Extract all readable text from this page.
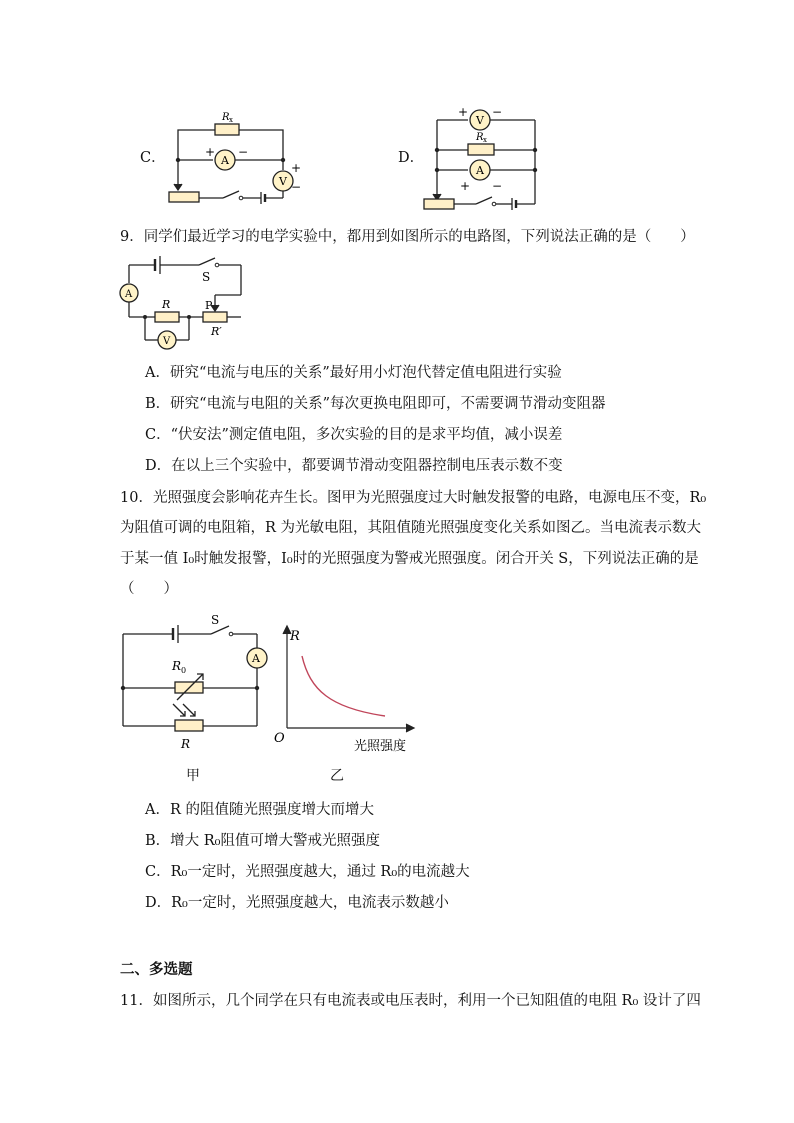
C．
R x
A
+ −
V
+
−
D．
V
+ −
R x
A
+ −
9．同学们最近学习的电学实验中，都用到如图所示的电路图，下列说法正确的是（　　）
S
A
R	P
R′
V
A．研究“电流与电压的关系”最好用小灯泡代替定值电阻进行实验
B．研究“电流与电阻的关系”每次更换电阻即可，不需要调节滑动变阻器
C．“伏安法”测定值电阻，多次实验的目的是求平均值，减小误差
D．在以上三个实验中，都要调节滑动变阻器控制电压表示数不变
10．光照强度会影响花卉生长。图甲为光照强度过大时触发报警的电路，电源电压不变，R₀
为阻值可调的电阻箱，R 为光敏电阻，其阻值随光照强度变化关系如图乙。当电流表示数大
于某一值 I₀时触发报警，I₀时的光照强度为警戒光照强度。闭合开关 S，下列说法正确的是
（　　）
S
A
R 0
R
甲
R
O
光照强度
乙
A．R 的阻值随光照强度增大而增大
B．增大 R₀阻值可增大警戒光照强度
C．R₀一定时，光照强度越大，通过 R₀的电流越大
D．R₀一定时，光照强度越大，电流表示数越小
二、多选题
11．如图所示，几个同学在只有电流表或电压表时，利用一个已知阻值的电阻 R₀ 设计了四
